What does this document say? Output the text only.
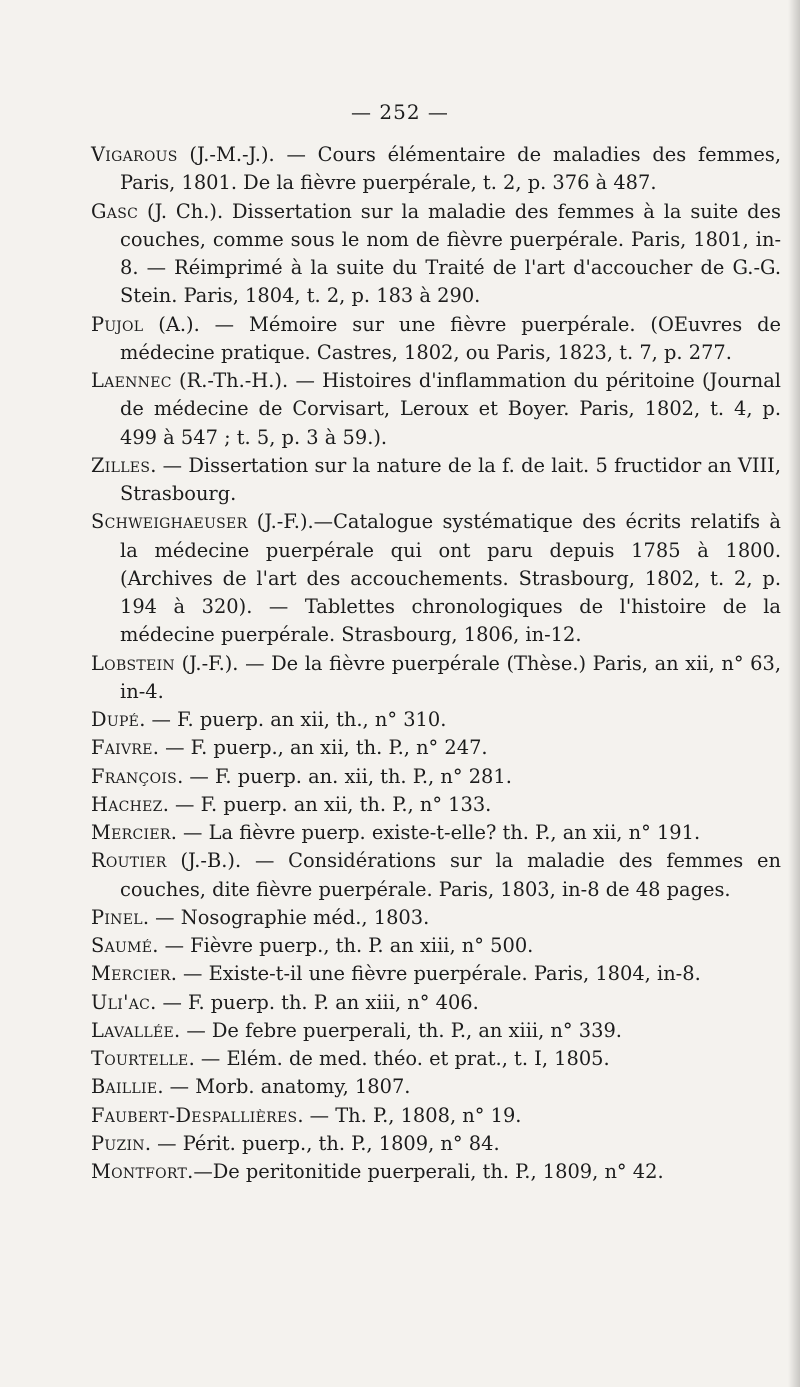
— 252 —

Vigarous (J.-M.-J.). — Cours élémentaire de maladies des femmes, Paris, 1801. De la fièvre puerpérale, t. 2, p. 376 à 487.

Gasc (J. Ch.). Dissertation sur la maladie des femmes à la suite des couches, comme sous le nom de fièvre puerpérale. Paris, 1801, in-8. — Réimprimé à la suite du Traité de l'art d'accoucher de G.-G. Stein. Paris, 1804, t. 2, p. 183 à 290.

Pujol (A.). — Mémoire sur une fièvre puerpérale. (OEuvres de médecine pratique. Castres, 1802, ou Paris, 1823, t. 7, p. 277.

Laennec (R.-Th.-H.). — Histoires d'inflammation du péritoine (Journal de médecine de Corvisart, Leroux et Boyer. Paris, 1802, t. 4, p. 499 à 547 ; t. 5, p. 3 à 59.).

Zilles. — Dissertation sur la nature de la f. de lait. 5 fructidor an VIII, Strasbourg.

Schweighaeuser (J.-F.).—Catalogue systématique des écrits relatifs à la médecine puerpérale qui ont paru depuis 1785 à 1800. (Archives de l'art des accouchements. Strasbourg, 1802, t. 2, p. 194 à 320). — Tablettes chronologiques de l'histoire de la médecine puerpérale. Strasbourg, 1806, in-12.

Lobstein (J.-F.). — De la fièvre puerpérale (Thèse.) Paris, an xii, n° 63, in-4.

Dupé. — F. puerp. an xii, th., n° 310.

Faivre. — F. puerp., an xii, th. P., n° 247.

François. — F. puerp. an. xii, th. P., n° 281.

Hachez. — F. puerp. an xii, th. P., n° 133.

Mercier. — La fièvre puerp. existe-t-elle? th. P., an xii, n° 191.

Routier (J.-B.). — Considérations sur la maladie des femmes en couches, dite fièvre puerpérale. Paris, 1803, in-8 de 48 pages.

Pinel. — Nosographie méd., 1803.

Saumé. — Fièvre puerp., th. P. an xiii, n° 500.

Mercier. — Existe-t-il une fièvre puerpérale. Paris, 1804, in-8.

Uli'ac. — F. puerp. th. P. an xiii, n° 406.

Lavallée. — De febre puerperali, th. P., an xiii, n° 339.

Tourtelle. — Elém. de med. théo. et prat., t. I, 1805.

Baillie. — Morb. anatomy, 1807.

Faubert-Despallières. — Th. P., 1808, n° 19.

Puzin. — Périt. puerp., th. P., 1809, n° 84.

Montfort.—De peritonitide puerperali, th. P., 1809, n° 42.
